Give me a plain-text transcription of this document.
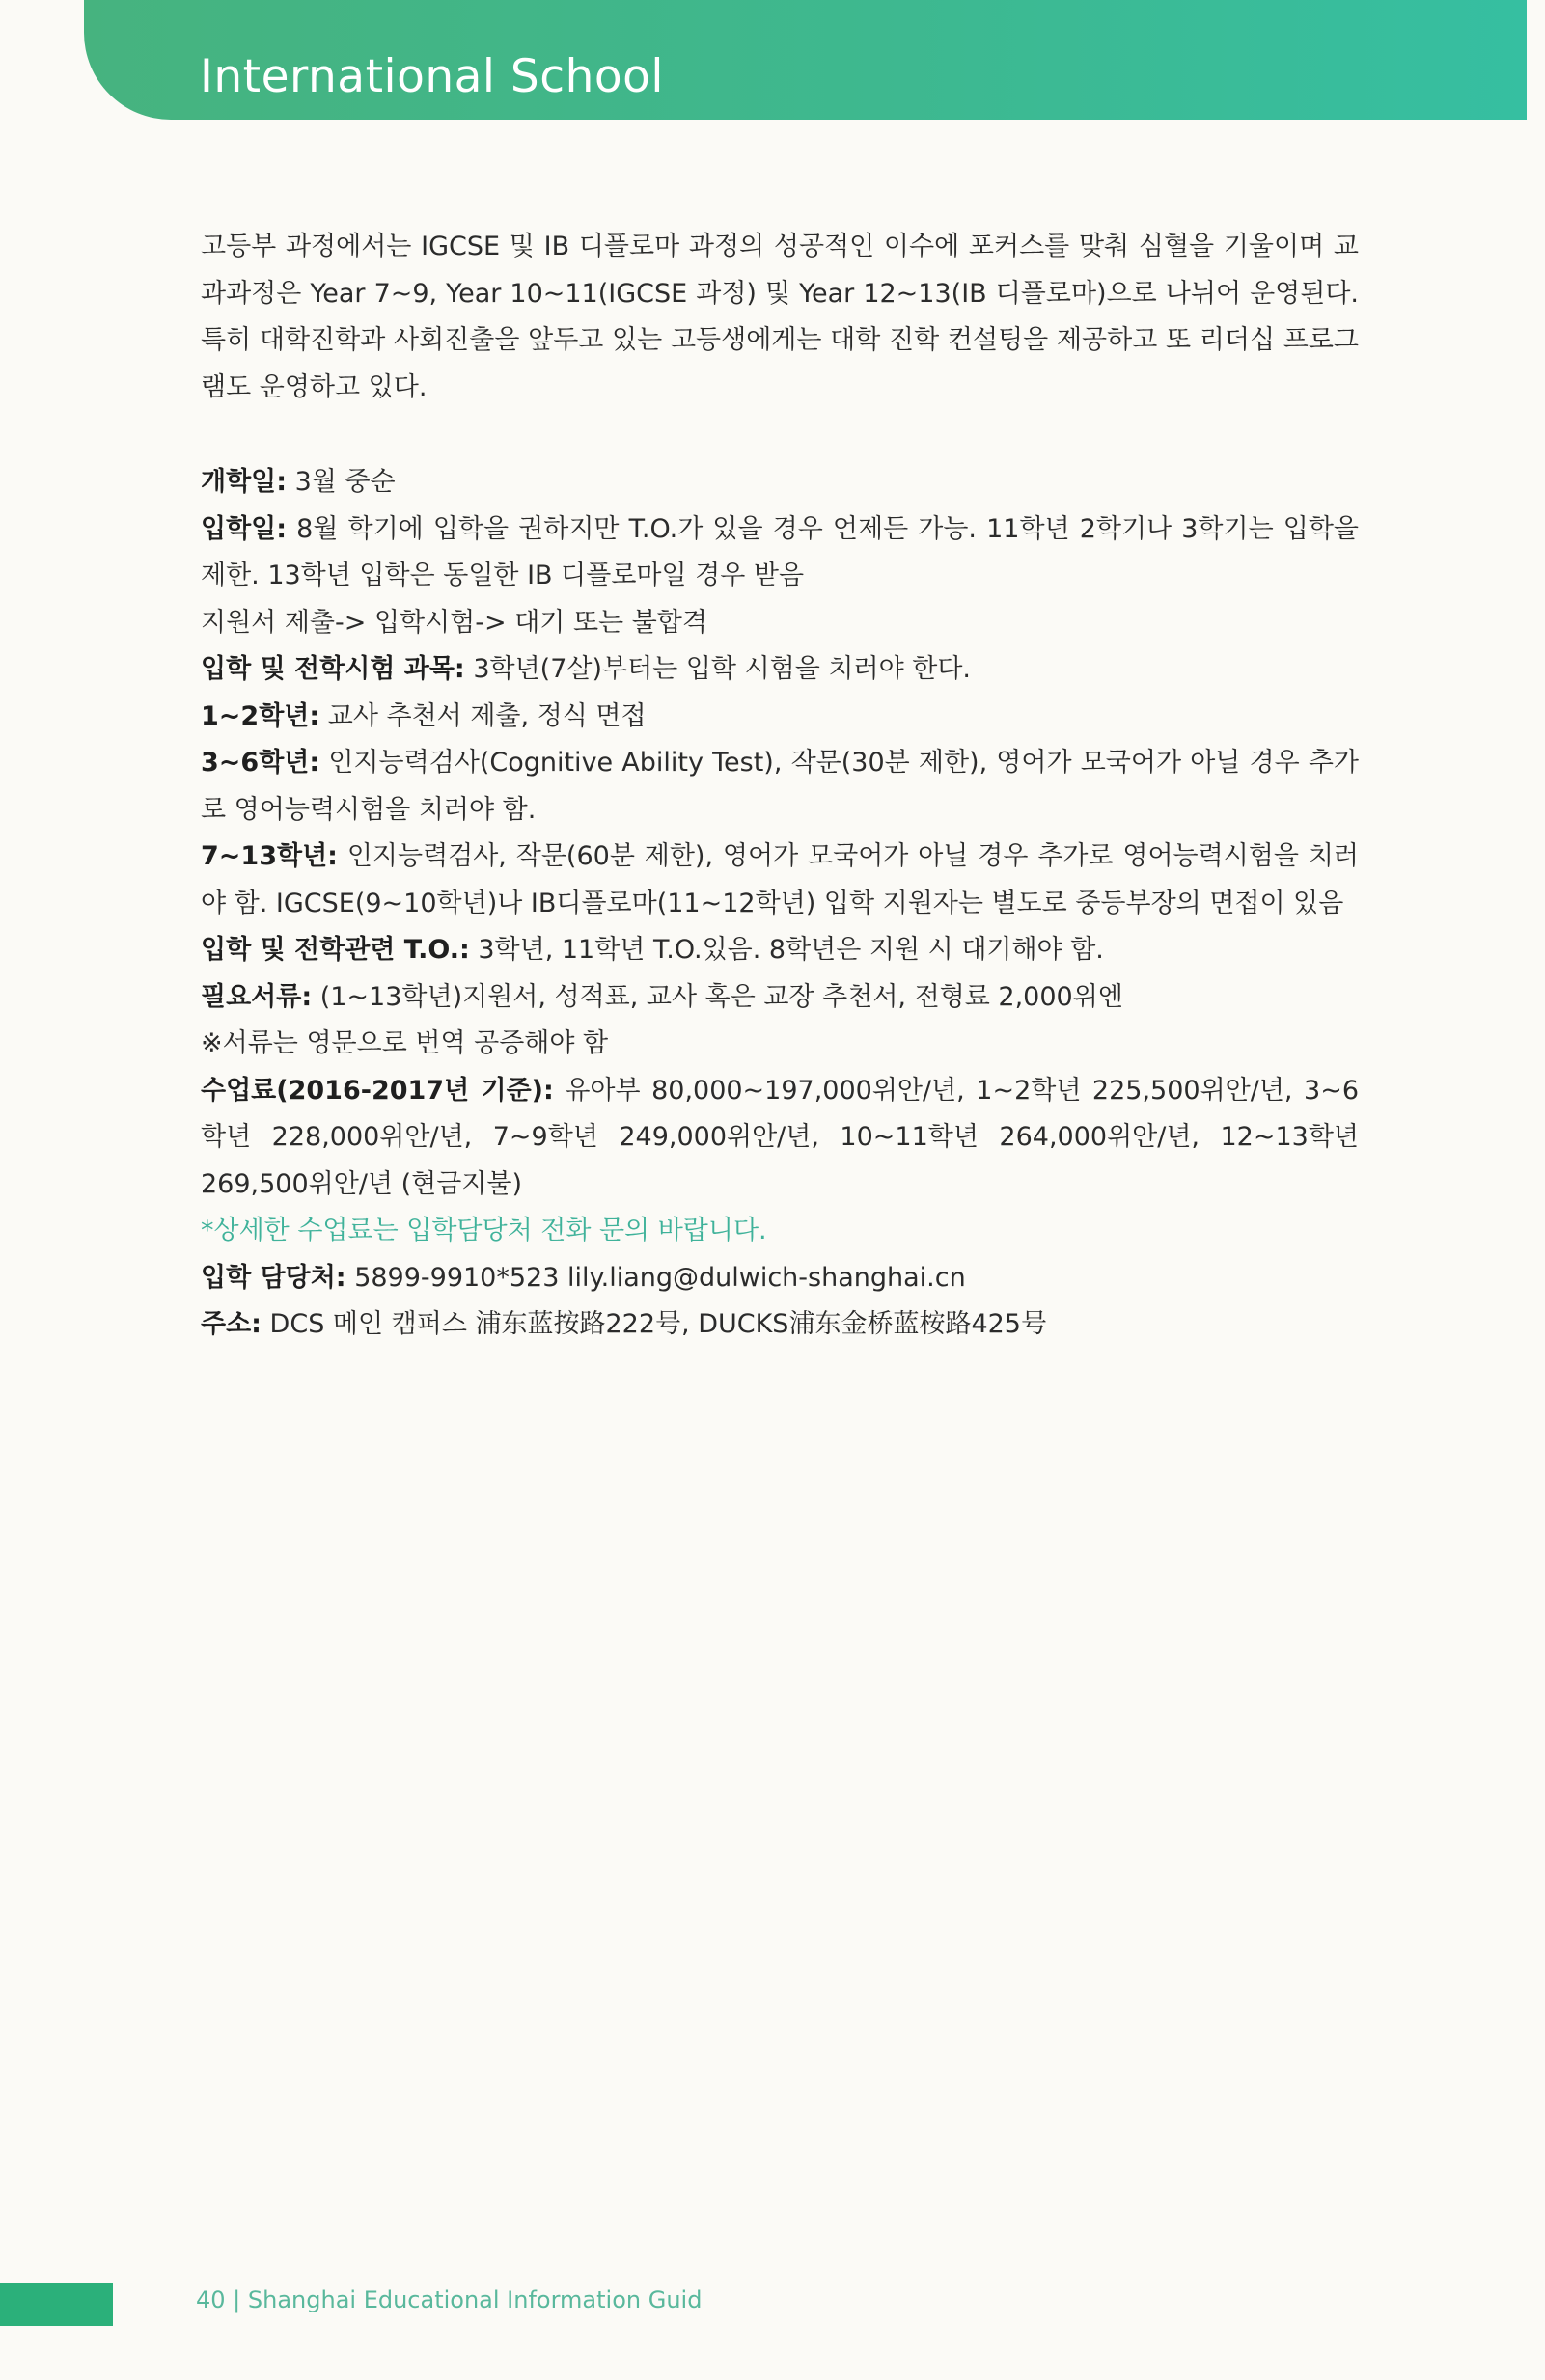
International School

고등부 과정에서는 IGCSE 및 IB 디플로마 과정의 성공적인 이수에 포커스를 맞춰 심혈을 기울이며 교과과정은 Year 7~9, Year 10~11(IGCSE 과정) 및 Year 12~13(IB 디플로마)으로 나뉘어 운영된다. 특히 대학진학과 사회진출을 앞두고 있는 고등생에게는 대학 진학 컨설팅을 제공하고 또 리더십 프로그램도 운영하고 있다.

개학일: 3월 중순

입학일: 8월 학기에 입학을 권하지만 T.O.가 있을 경우 언제든 가능. 11학년 2학기나 3학기는 입학을 제한. 13학년 입학은 동일한 IB 디플로마일 경우 받음

지원서 제출-> 입학시험-> 대기 또는 불합격

입학 및 전학시험 과목: 3학년(7살)부터는 입학 시험을 치러야 한다.

1~2학년: 교사 추천서 제출, 정식 면접

3~6학년: 인지능력검사(Cognitive Ability Test), 작문(30분 제한), 영어가 모국어가 아닐 경우 추가로 영어능력시험을 치러야 함.

7~13학년: 인지능력검사, 작문(60분 제한), 영어가 모국어가 아닐 경우 추가로 영어능력시험을 치러야 함. IGCSE(9~10학년)나 IB디플로마(11~12학년) 입학 지원자는 별도로 중등부장의 면접이 있음

입학 및 전학관련 T.O.: 3학년, 11학년 T.O.있음. 8학년은 지원 시 대기해야 함.

필요서류: (1~13학년)지원서, 성적표, 교사 혹은 교장 추천서, 전형료 2,000위엔

※서류는 영문으로 번역 공증해야 함

수업료(2016-2017년 기준): 유아부 80,000~197,000위안/년, 1~2학년 225,500위안/년, 3~6학년 228,000위안/년, 7~9학년 249,000위안/년, 10~11학년 264,000위안/년, 12~13학년 269,500위안/년 (현금지불)

*상세한 수업료는 입학담당처 전화 문의 바랍니다.

입학 담당처: 5899-9910*523 lily.liang@dulwich-shanghai.cn

주소: DCS 메인 캠퍼스 浦东蓝按路222号, DUCKS浦东金桥蓝桉路425号

40 | Shanghai Educational Information Guid
